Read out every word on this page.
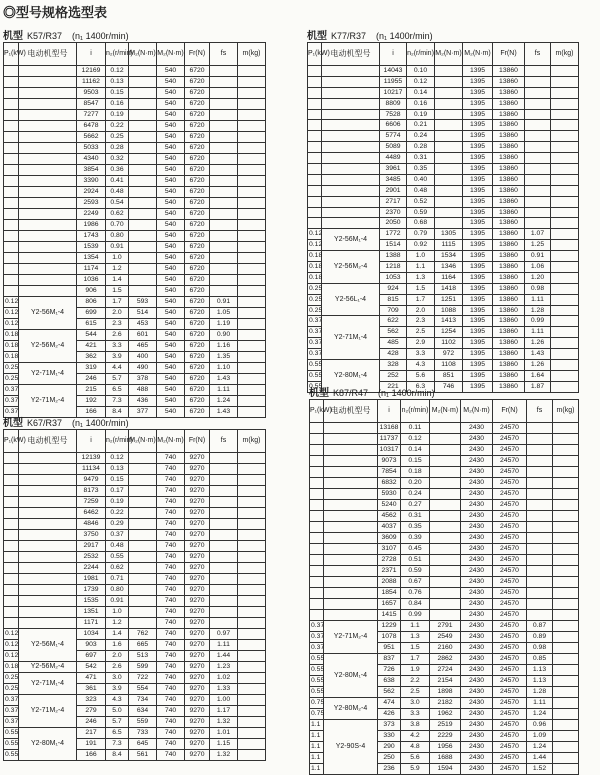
◎型号规格选型表
机型 K57/R37 (n₁ 1400r/min)
P₁(kW)	电动机型号	i	n₂(r/min)	M₂(N·m)	M₂(N·m)	Fr(N)	fs	m(kg)
		12169	0.12		540	6720		
		11162	0.13		540	6720		
		9503	0.15		540	6720		
		8547	0.16		540	6720		
		7277	0.19		540	6720		
		6478	0.22		540	6720		
		5662	0.25		540	6720		
		5033	0.28		540	6720		
		4340	0.32		540	6720		
		3854	0.36		540	6720		
		3390	0.41		540	6720		
		2924	0.48		540	6720		
		2593	0.54		540	6720		
		2249	0.62		540	6720		
		1986	0.70		540	6720		
		1743	0.80		540	6720		
		1539	0.91		540	6720		
		1354	1.0		540	6720		
		1174	1.2		540	6720		
		1036	1.4		540	6720		
		906	1.5		540	6720		
0.12	Y2-56M₁-4	806	1.7	593	540	6720	0.91	
0.12		699	2.0	514	540	6720	1.05	
0.12		615	2.3	453	540	6720	1.19	
0.18	Y2-56M₂-4	544	2.6	601	540	6720	0.90	
0.18		421	3.3	465	540	6720	1.16	
0.18		362	3.9	400	540	6720	1.35	
0.25	Y2-71M₁-4	319	4.4	490	540	6720	1.10	
0.25		246	5.7	378	540	6720	1.43	
0.37	Y2-71M₂-4	215	6.5	488	540	6720	1.11	
0.37		192	7.3	436	540	6720	1.24	
0.37		166	8.4	377	540	6720	1.43	
机型 K77/R37 (n₁ 1400r/min)
P₁(kW)	电动机型号	i	n₂(r/min)	M₂(N·m)	M₂(N·m)	Fr(N)	fs	m(kg)
		14043	0.10		1395	13860		
		11955	0.12		1395	13860		
		10217	0.14		1395	13860		
		8809	0.16		1395	13860		
		7528	0.19		1395	13860		
		6606	0.21		1395	13860		
		5774	0.24		1395	13860		
		5089	0.28		1395	13860		
		4489	0.31		1395	13860		
		3961	0.35		1395	13860		
		3485	0.40		1395	13860		
		2901	0.48		1395	13860		
		2717	0.52		1395	13860		
		2370	0.59		1395	13860		
		2050	0.68		1395	13860		
0.12	Y2-56M₁-4	1772	0.79	1305	1395	13860	1.07	
0.12		1514	0.92	1115	1395	13860	1.25	
0.18	Y2-56M₂-4	1388	1.0	1534	1395	13860	0.91	
0.18		1218	1.1	1346	1395	13860	1.06	
0.18		1053	1.3	1164	1395	13860	1.20	
0.25	Y2-56L₁-4	924	1.5	1418	1395	13860	0.98	
0.25		815	1.7	1251	1395	13860	1.11	
0.25		709	2.0	1088	1395	13860	1.28	
0.37	Y2-71M₁-4	622	2.3	1413	1395	13860	0.99	
0.37		562	2.5	1254	1395	13860	1.11	
0.37		485	2.9	1102	1395	13860	1.26	
0.37		428	3.3	972	1395	13860	1.43	
0.55	Y2-80M₁-4	328	4.3	1108	1395	13860	1.26	
0.55		252	5.6	851	1395	13860	1.64	
0.55		221	6.3	746	1395	13860	1.87	
机型 K67/R37 (n₁ 1400r/min)
P₁(kW)	电动机型号	i	n₂(r/min)	M₂(N·m)	M₂(N·m)	Fr(N)	fs	m(kg)
		12139	0.12		740	9270		
		11134	0.13		740	9270		
		9479	0.15		740	9270		
		8173	0.17		740	9270		
		7259	0.19		740	9270		
		6462	0.22		740	9270		
		4846	0.29		740	9270		
		3750	0.37		740	9270		
		2917	0.48		740	9270		
		2532	0.55		740	9270		
		2244	0.62		740	9270		
		1981	0.71		740	9270		
		1739	0.80		740	9270		
		1535	0.91		740	9270		
		1351	1.0		740	9270		
		1171	1.2		740	9270		
0.12	Y2-56M₁-4	1034	1.4	762	740	9270	0.97	
0.12		903	1.6	665	740	9270	1.11	
0.12		697	2.0	513	740	9270	1.44	
0.18	Y2-56M₂-4	542	2.6	599	740	9270	1.23	
0.25	Y2-71M₁-4	471	3.0	722	740	9270	1.02	
0.25		361	3.9	554	740	9270	1.33	
0.37	Y2-71M₂-4	323	4.3	734	740	9270	1.00	
0.37		279	5.0	634	740	9270	1.17	
0.37		246	5.7	559	740	9270	1.32	
0.55	Y2-80M₁-4	217	6.5	733	740	9270	1.01	
0.55		191	7.3	645	740	9270	1.15	
0.55		166	8.4	561	740	9270	1.32	
机型 K87/R47 (n₁ 1400r/min)
P₁(kW)	电动机型号	i	n₂(r/min)	M₂(N·m)	M₂(N·m)	Fr(N)	fs	m(kg)
		13168	0.11		2430	24570		
		11737	0.12		2430	24570		
		10317	0.14		2430	24570		
		9073	0.15		2430	24570		
		7854	0.18		2430	24570		
		6832	0.20		2430	24570		
		5930	0.24		2430	24570		
		5240	0.27		2430	24570		
		4562	0.31		2430	24570		
		4037	0.35		2430	24570		
		3609	0.39		2430	24570		
		3107	0.45		2430	24570		
		2728	0.51		2430	24570		
		2371	0.59		2430	24570		
		2088	0.67		2430	24570		
		1854	0.76		2430	24570		
		1657	0.84		2430	24570		
		1415	0.99		2430	24570		
0.37	Y2-71M₂-4	1229	1.1	2791	2430	24570	0.87	
0.37		1078	1.3	2549	2430	24570	0.89	
0.37		951	1.5	2160	2430	24570	0.98	
0.55	Y2-80M₁-4	837	1.7	2862	2430	24570	0.85	
0.55		726	1.9	2724	2430	24570	1.13	
0.55		638	2.2	2154	2430	24570	1.13	
0.55		562	2.5	1898	2430	24570	1.28	
0.75	Y2-80M₂-4	474	3.0	2182	2430	24570	1.11	
0.75		426	3.3	1962	2430	24570	1.24	
1.1	Y2-90S-4	373	3.8	2519	2430	24570	0.96	
1.1		330	4.2	2229	2430	24570	1.09	
1.1		290	4.8	1956	2430	24570	1.24	
1.1		250	5.6	1688	2430	24570	1.44	
1.1		236	5.9	1594	2430	24570	1.52	
